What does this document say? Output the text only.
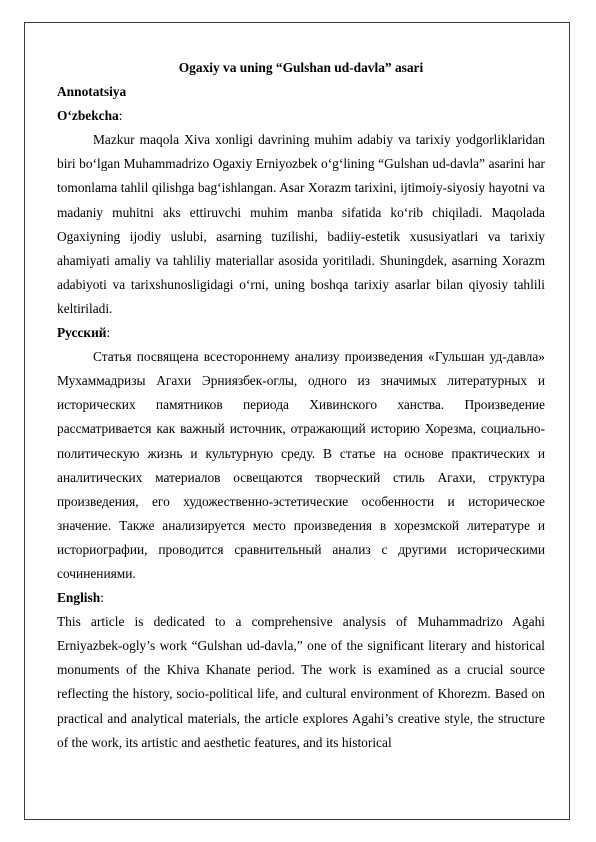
Ogaxiy va uning “Gulshan ud-davla” asari

Annotatsiya

Oʻzbekcha:

Mazkur maqola Xiva xonligi davrining muhim adabiy va tarixiy yodgorliklaridan biri boʻlgan Muhammadrizo Ogaxiy Erniyozbek oʻgʻlining “Gulshan ud-davla” asarini har tomonlama tahlil qilishga bagʻishlangan. Asar Xorazm tarixini, ijtimoiy-siyosiy hayotni va madaniy muhitni aks ettiruvchi muhim manba sifatida koʻrib chiqiladi. Maqolada Ogaxiyning ijodiy uslubi, asarning tuzilishi, badiiy-estetik xususiyatlari va tarixiy ahamiyati amaliy va tahliliy materiallar asosida yoritiladi. Shuningdek, asarning Xorazm adabiyoti va tarixshunosligidagi oʻrni, uning boshqa tarixiy asarlar bilan qiyosiy tahlili keltiriladi.

Русский:

Статья посвящена всестороннему анализу произведения «Гульшан уд-давла» Мухаммадризы Агахи Эрниязбек-оглы, одного из значимых литературных и исторических памятников периода Хивинского ханства. Произведение рассматривается как важный источник, отражающий историю Хорезма, социально-политическую жизнь и культурную среду. В статье на основе практических и аналитических материалов освещаются творческий стиль Агахи, структура произведения, его художественно-эстетические особенности и историческое значение. Также анализируется место произведения в хорезмской литературе и историографии, проводится сравнительный анализ с другими историческими сочинениями.

English:

This article is dedicated to a comprehensive analysis of Muhammadrizo Agahi Erniyazbek-ogly’s work “Gulshan ud-davla,” one of the significant literary and historical monuments of the Khiva Khanate period. The work is examined as a crucial source reflecting the history, socio-political life, and cultural environment of Khorezm. Based on practical and analytical materials, the article explores Agahi’s creative style, the structure of the work, its artistic and aesthetic features, and its historical
